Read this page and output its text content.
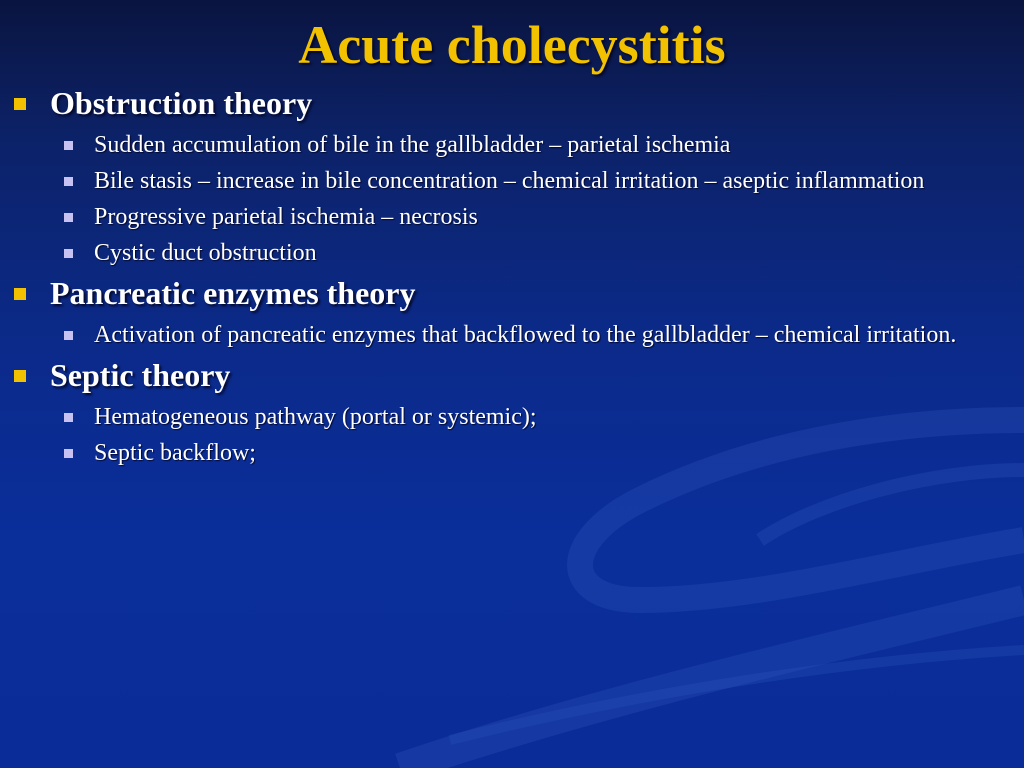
Acute cholecystitis
Obstruction theory
Sudden accumulation of bile in the gallbladder – parietal ischemia
Bile stasis – increase in bile concentration – chemical irritation – aseptic inflammation
Progressive parietal ischemia – necrosis
Cystic duct obstruction
Pancreatic enzymes theory
Activation of pancreatic enzymes that backflowed to the gallbladder – chemical irritation.
Septic theory
Hematogeneous pathway (portal or systemic);
Septic backflow;
